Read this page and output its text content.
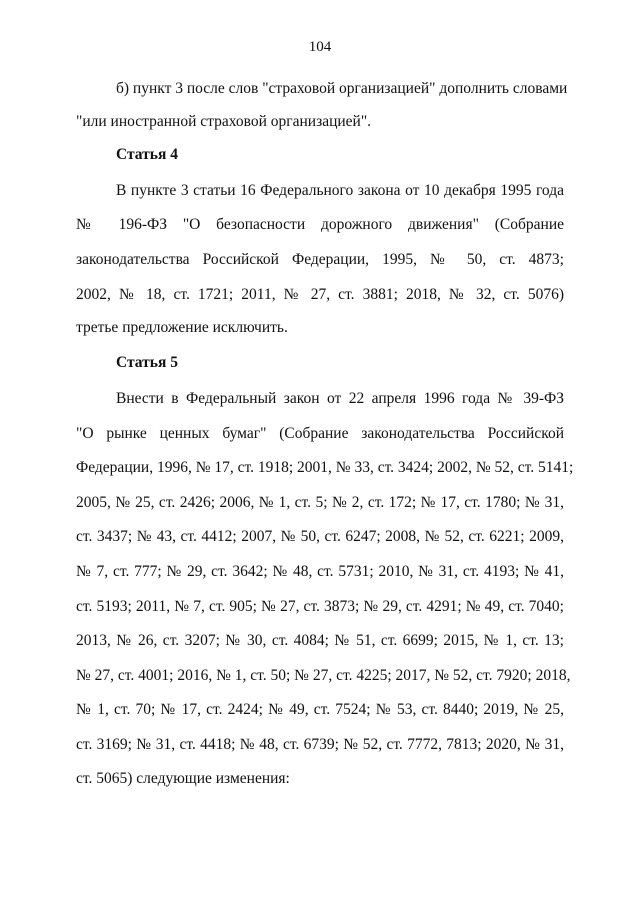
104
б) пункт 3 после слов "страховой организацией" дополнить словами
"или иностранной страховой организацией".
Статья 4
В пункте 3 статьи 16 Федерального закона от 10 декабря 1995 года
№ 196-ФЗ "О безопасности дорожного движения" (Собрание
законодательства Российской Федерации, 1995, № 50, ст. 4873;
2002, № 18, ст. 1721; 2011, № 27, ст. 3881; 2018, № 32, ст. 5076)
третье предложение исключить.
Статья 5
Внести в Федеральный закон от 22 апреля 1996 года № 39-ФЗ
"О рынке ценных бумаг" (Собрание законодательства Российской
Федерации, 1996, № 17, ст. 1918; 2001, № 33, ст. 3424; 2002, № 52, ст. 5141;
2005, № 25, ст. 2426; 2006, № 1, ст. 5; № 2, ст. 172; № 17, ст. 1780; № 31,
ст. 3437; № 43, ст. 4412; 2007, № 50, ст. 6247; 2008, № 52, ст. 6221; 2009,
№ 7, ст. 777; № 29, ст. 3642; № 48, ст. 5731; 2010, № 31, ст. 4193; № 41,
ст. 5193; 2011, № 7, ст. 905; № 27, ст. 3873; № 29, ст. 4291; № 49, ст. 7040;
2013, № 26, ст. 3207; № 30, ст. 4084; № 51, ст. 6699; 2015, № 1, ст. 13;
№ 27, ст. 4001; 2016, № 1, ст. 50; № 27, ст. 4225; 2017, № 52, ст. 7920; 2018,
№ 1, ст. 70; № 17, ст. 2424; № 49, ст. 7524; № 53, ст. 8440; 2019, № 25,
ст. 3169; № 31, ст. 4418; № 48, ст. 6739; № 52, ст. 7772, 7813; 2020, № 31,
ст. 5065) следующие изменения:
